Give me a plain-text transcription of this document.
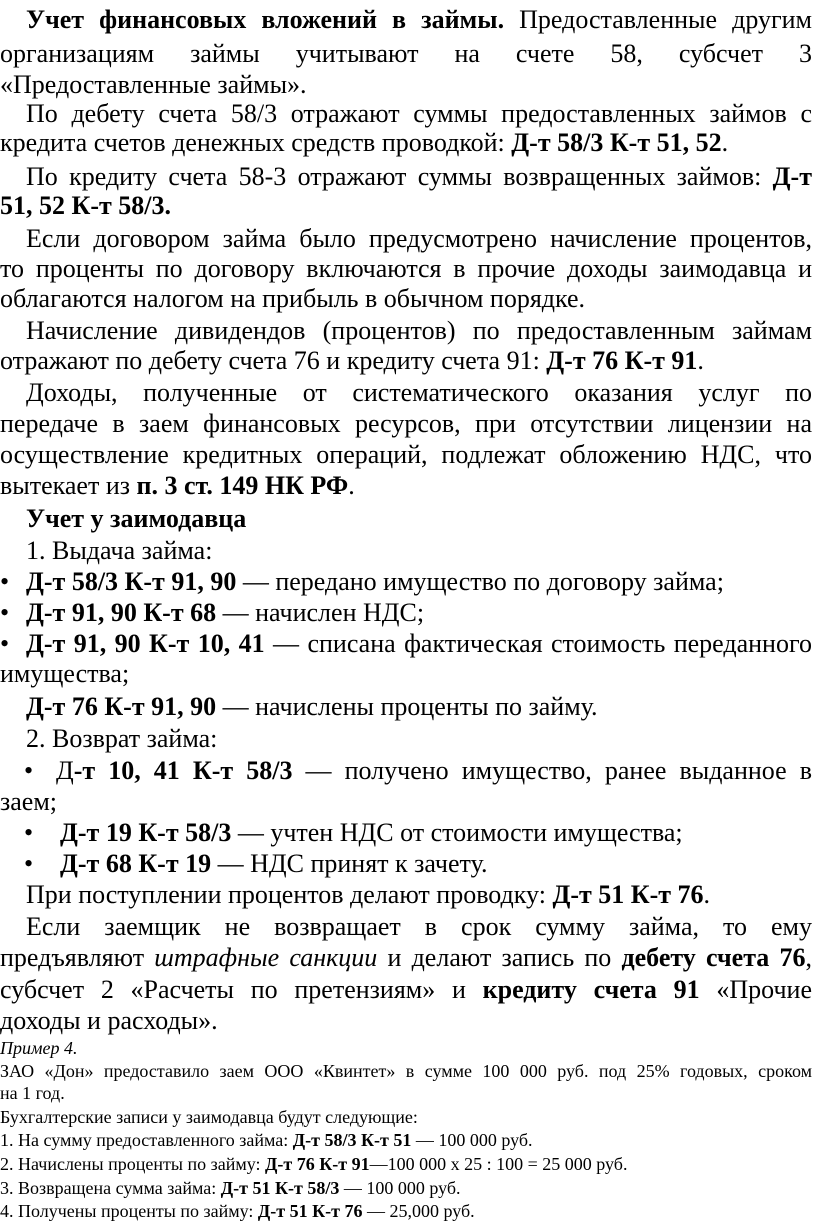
Учет финансовых вложений в займы. Предоставленные другим
организациям займы учитывают на счете 58, субсчет 3
«Предоставленные займы».
По дебету счета 58/3 отражают суммы предоставленных займов с
кредита счетов денежных средств проводкой: Д-т 58/3 К-т 51, 52.
По кредиту счета 58-3 отражают суммы возвращенных займов: Д-т
51, 52 К-т 58/3.
Если договором займа было предусмотрено начисление процентов,
то проценты по договору включаются в прочие доходы заимодавца и
облагаются налогом на прибыль в обычном порядке.
Начисление дивидендов (процентов) по предоставленным займам
отражают по дебету счета 76 и кредиту счета 91: Д-т 76 К-т 91.
Доходы, полученные от систематического оказания услуг по
передаче в заем финансовых ресурсов, при отсутствии лицензии на
осуществление кредитных операций, подлежат обложению НДС, что
вытекает из п. 3 ст. 149 НК РФ.
Учет у заимодавца
1. Выдача займа:
• Д-т 58/3 К-т 91, 90 — передано имущество по договору займа;
• Д-т 91, 90 К-т 68 — начислен НДС;
• Д-т 91, 90 К-т 10, 41 — списана фактическая стоимость переданного
имущества;
Д-т 76 К-т 91, 90 — начислены проценты по займу.
2. Возврат займа:
• Д-т 10, 41 К-т 58/3 — получено имущество, ранее выданное в
заем;
• Д-т 19 К-т 58/3 — учтен НДС от стоимости имущества;
• Д-т 68 К-т 19 — НДС принят к зачету.
При поступлении процентов делают проводку: Д-т 51 К-т 76.
Если заемщик не возвращает в срок сумму займа, то ему
предъявляют штрафные санкции и делают запись по дебету счета 76,
субсчет 2 «Расчеты по претензиям» и кредиту счета 91 «Прочие
доходы и расходы».
Пример 4.
ЗАО «Дон» предоставило заем ООО «Квинтет» в сумме 100 000 руб. под 25% годовых, сроком
на 1 год.
Бухгалтерские записи у заимодавца будут следующие:
1. На сумму предоставленного займа: Д-т 58/3 К-т 51 — 100 000 руб.
2. Начислены проценты по займу: Д-т 76 К-т 91—100 000 х 25 : 100 = 25 000 руб.
3. Возвращена сумма займа: Д-т 51 К-т 58/3 — 100 000 руб.
4. Получены проценты по займу: Д-т 51 К-т 76 — 25,000 руб.
